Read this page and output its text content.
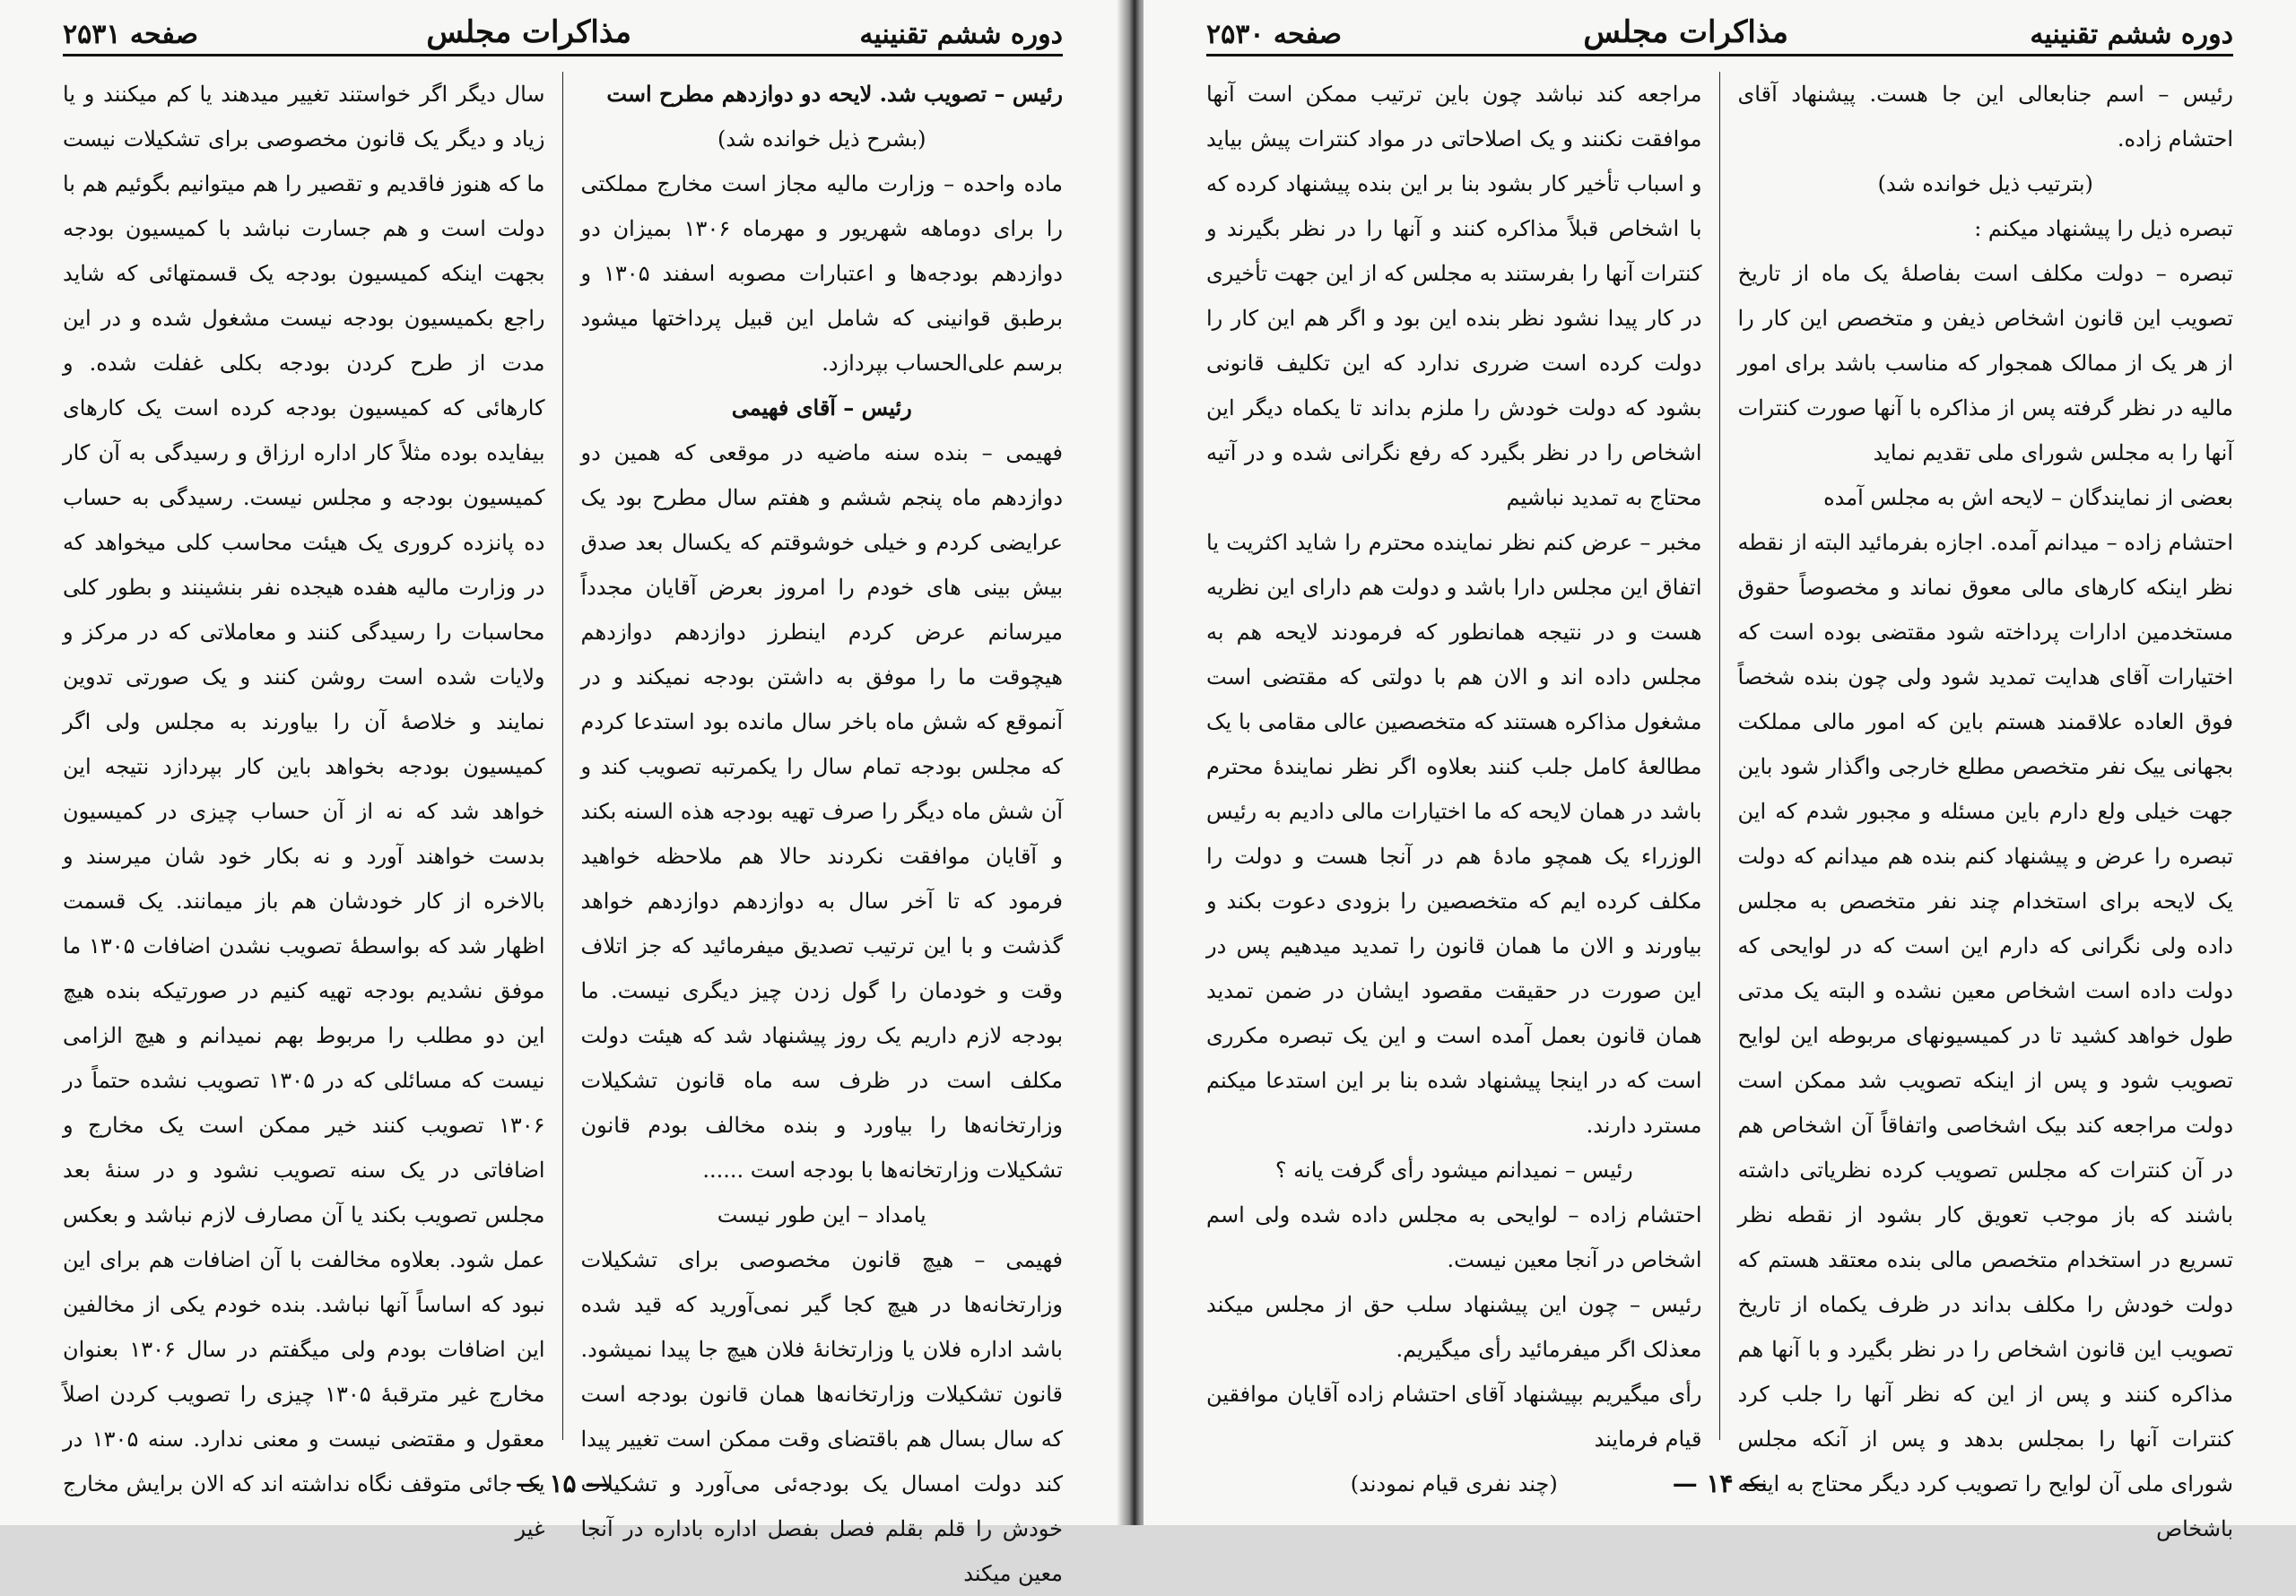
صفحه ۲۵۳۱	مذاکرات مجلس	دوره ششم تقنینیه

رئیس – تصویب شد. لایحه دو دوازدهم مطرح است

(بشرح ذیل خوانده شد)

ماده واحده – وزارت مالیه مجاز است مخارج مملکتی را برای دوماهه شهریور و مهرماه ۱۳۰۶ بمیزان دو دوازدهم بودجه‌ها و اعتبارات مصوبه اسفند ۱۳۰۵ و برطبق قوانینی که شامل این قبیل پرداختها میشود برسم علی‌الحساب بپردازد.

رئیس – آقای فهیمی

فهیمی – بنده سنه ماضیه در موقعی که همین دو دوازدهم ماه پنجم ششم و هفتم سال مطرح بود یک عرایضی کردم و خیلی خوشوقتم که یکسال بعد صدق بیش بینی های خودم را امروز بعرض آقایان مجدداً میرسانم عرض کردم اینطرز دوازدهم دوازدهم هیچوقت ما را موفق به داشتن بودجه نمیکند و در آنموقع که شش ماه باخر سال مانده بود استدعا کردم که مجلس بودجه تمام سال را یکمرتبه تصویب کند و آن شش ماه دیگر را صرف تهیه بودجه هذه السنه بکند و آقایان موافقت نکردند حالا هم ملاحظه خواهید فرمود که تا آخر سال به دوازدهم دوازدهم خواهد گذشت و با این ترتیب تصدیق میفرمائید که جز اتلاف وقت و خودمان را گول زدن چیز دیگری نیست. ما بودجه لازم داریم یک روز پیشنهاد شد که هیئت دولت مکلف است در ظرف سه ماه قانون تشکیلات وزارتخانه‌ها را بیاورد و بنده مخالف بودم قانون تشکیلات وزارتخانه‌ها با بودجه است ......

یامداد – این طور نیست

فهیمی – هیچ قانون مخصوصی برای تشکیلات وزارتخانه‌ها در هیچ کجا گیر نمی‌آورید که قید شده باشد اداره فلان یا وزارتخانهٔ فلان هیچ جا پیدا نمیشود. قانون تشکیلات وزارتخانه‌ها همان قانون بودجه است که سال بسال هم باقتضای وقت ممکن است تغییر پیدا کند دولت امسال یک بودجه‌ئی می‌آورد و تشکیلات خودش را قلم بقلم فصل بفصل اداره باداره در آنجا معین میکند

سال دیگر اگر خواستند تغییر میدهند یا کم میکنند و یا زیاد و دیگر یک قانون مخصوصی برای تشکیلات نیست ما که هنوز فاقدیم و تقصیر را هم میتوانیم بگوئیم هم با دولت است و هم جسارت نباشد با کمیسیون بودجه بجهت اینکه کمیسیون بودجه یک قسمتهائی که شاید راجع بکمیسیون بودجه نیست مشغول شده و در این مدت از طرح کردن بودجه بکلی غفلت شده. و کارهائی که کمیسیون بودجه کرده است یک کارهای بیفایده بوده مثلاً کار اداره ارزاق و رسیدگی به آن کار کمیسیون بودجه و مجلس نیست. رسیدگی به حساب ده پانزده کروری یک هیئت محاسب کلی میخواهد که در وزارت مالیه هفده هیجده نفر بنشینند و بطور کلی محاسبات را رسیدگی کنند و معاملاتی که در مرکز و ولایات شده است روشن کنند و یک صورتی تدوین نمایند و خلاصهٔ آن را بیاورند به مجلس ولی اگر کمیسیون بودجه بخواهد باین کار بپردازد نتیجه این خواهد شد که نه از آن حساب چیزی در کمیسیون بدست خواهند آورد و نه بکار خود شان میرسند و بالاخره از کار خودشان هم باز میمانند. یک قسمت اظهار شد که بواسطهٔ تصویب نشدن اضافات ۱۳۰۵ ما موفق نشدیم بودجه تهیه کنیم در صورتیکه بنده هیچ این دو مطلب را مربوط بهم نمیدانم و هیچ الزامی نیست که مسائلی که در ۱۳۰۵ تصویب نشده حتماً در ۱۳۰۶ تصویب کنند خیر ممکن است یک مخارج و اضافاتی در یک سنه تصویب نشود و در سنهٔ بعد مجلس تصویب بکند یا آن مصارف لازم نباشد و بعکس عمل شود. بعلاوه مخالفت با آن اضافات هم برای این نبود که اساساً آنها نباشد. بنده خودم یکی از مخالفین این اضافات بودم ولی میگفتم در سال ۱۳۰۶ بعنوان مخارج غیر مترقبهٔ ۱۳۰۵ چیزی را تصویب کردن اصلاً معقول و مقتضی نیست و معنی ندارد. سنه ۱۳۰۵ در یک جائی متوقف نگاه نداشته اند که الان برایش مخارج غیر

— ۱۵ —
صفحه ۲۵۳۰	مذاکرات مجلس	دوره ششم تقنینیه

رئیس – اسم جنابعالی این جا هست. پیشنهاد آقای احتشام زاده.

(بترتیب ذیل خوانده شد)

تبصره ذیل را پیشنهاد میکنم :

تبصره – دولت مکلف است بفاصلهٔ یک ماه از تاریخ تصویب این قانون اشخاص ذیفن و متخصص این کار را از هر یک از ممالک همجوار که مناسب باشد برای امور مالیه در نظر گرفته پس از مذاکره با آنها صورت کنترات آنها را به مجلس شورای ملی تقدیم نماید

بعضی از نمایندگان – لایحه اش به مجلس آمده

احتشام زاده – میدانم آمده. اجازه بفرمائید البته از نقطه نظر اینکه کارهای مالی معوق نماند و مخصوصاً حقوق مستخدمین ادارات پرداخته شود مقتضی بوده است که اختیارات آقای هدایت تمدید شود ولی چون بنده شخصاً فوق العاده علاقمند هستم باین که امور مالی مملکت بجهانی ییک نفر متخصص مطلع خارجی واگذار شود باین جهت خیلی ولع دارم باین مسئله و مجبور شدم که این تبصره را عرض و پیشنهاد کنم بنده هم میدانم که دولت یک لایحه برای استخدام چند نفر متخصص به مجلس داده ولی نگرانی که دارم این است که در لوایحی که دولت داده است اشخاص معین نشده و البته یک مدتی طول خواهد کشید تا در کمیسیونهای مربوطه این لوایح تصویب شود و پس از اینکه تصویب شد ممکن است دولت مراجعه کند بیک اشخاصی واتفاقاً آن اشخاص هم در آن کنترات که مجلس تصویب کرده نظریاتی داشته باشند که باز موجب تعویق کار بشود از نقطه نظر تسریع در استخدام متخصص مالی بنده معتقد هستم که دولت خودش را مکلف بداند در ظرف یکماه از تاریخ تصویب این قانون اشخاص را در نظر بگیرد و با آنها هم مذاکره کنند و پس از این که نظر آنها را جلب کرد کنترات آنها را بمجلس بدهد و پس از آنکه مجلس شورای ملی آن لوایح را تصویب کرد دیگر محتاج به اینکه باشخاص

مراجعه کند نباشد چون باین ترتیب ممکن است آنها موافقت نکنند و یک اصلاحاتی در مواد کنترات پیش بیاید و اسباب تأخیر کار بشود بنا بر این بنده پیشنهاد کرده که با اشخاص قبلاً مذاکره کنند و آنها را در نظر بگیرند و کنترات آنها را بفرستند به مجلس که از این جهت تأخیری در کار پیدا نشود نظر بنده این بود و اگر هم این کار را دولت کرده است ضرری ندارد که این تکلیف قانونی بشود که دولت خودش را ملزم بداند تا یکماه دیگر این اشخاص را در نظر بگیرد که رفع نگرانی شده و در آتیه محتاج به تمدید نباشیم

مخبر – عرض کنم نظر نماینده محترم را شاید اکثریت یا اتفاق این مجلس دارا باشد و دولت هم دارای این نظریه هست و در نتیجه همانطور که فرمودند لایحه هم به مجلس داده اند و الان هم با دولتی که مقتضی است مشغول مذاکره هستند که متخصصین عالی مقامی با یک مطالعهٔ کامل جلب کنند بعلاوه اگر نظر نمایندهٔ محترم باشد در همان لایحه که ما اختیارات مالی دادیم به رئیس الوزراء یک همچو مادهٔ هم در آنجا هست و دولت را مکلف کرده ایم که متخصصین را بزودی دعوت بکند و بیاورند و الان ما همان قانون را تمدید میدهیم پس در این صورت در حقیقت مقصود ایشان در ضمن تمدید همان قانون بعمل آمده است و این یک تبصره مکرری است که در اینجا پیشنهاد شده بنا بر این استدعا میکنم مسترد دارند.

رئیس – نمیدانم میشود رأی گرفت یانه ؟

احتشام زاده – لوایحی به مجلس داده شده ولی اسم اشخاص در آنجا معین نیست.

رئیس – چون این پیشنهاد سلب حق از مجلس میکند معذلک اگر میفرمائید رأی میگیریم.

رأی میگیریم بپیشنهاد آقای احتشام زاده آقایان موافقین قیام فرمایند

(چند نفری قیام نمودند)	— ۱۴ —
